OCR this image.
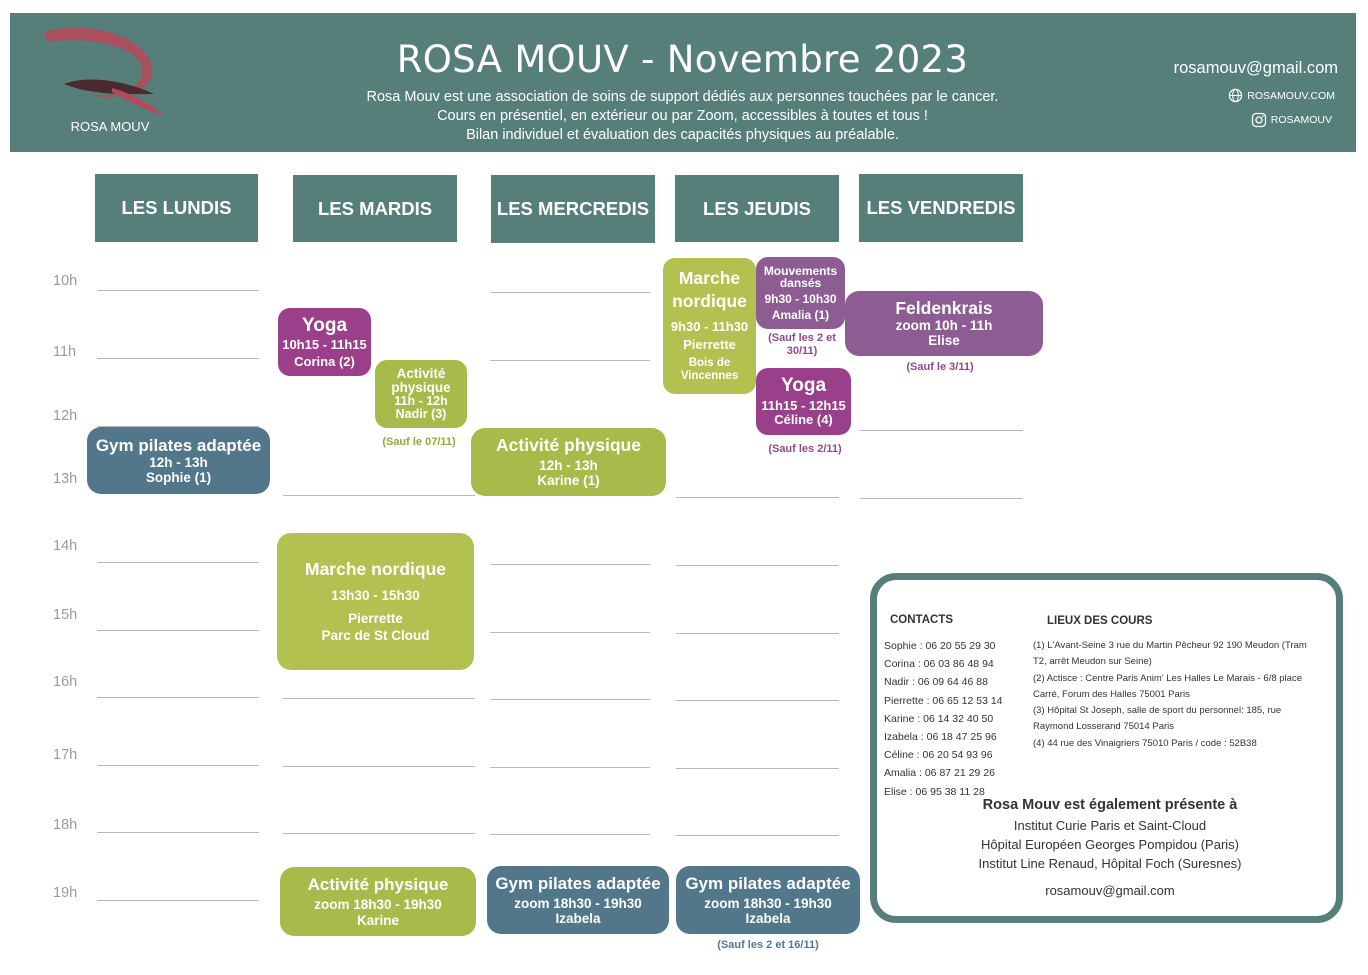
ROSA MOUV
ROSA MOUV - Novembre 2023
Rosa Mouv est une association de soins de support dédiés aux personnes touchées par le cancer.
Cours en présentiel, en extérieur ou par Zoom, accessibles à toutes et tous !
Bilan individuel et évaluation des capacités physiques au préalable.
rosamouv@gmail.com
ROSAMOUV.COM
ROSAMOUV
LES LUNDIS	LES MARDIS	LES MERCREDIS	LES JEUDIS	LES VENDREDIS
10h
11h
12h
13h
14h
15h
16h
17h
18h
19h
Gym pilates adaptée
12h - 13h
Sophie (1)
Yoga
10h15 - 11h15
Corina (2)
Activité
physique
11h - 12h
Nadir (3)
(Sauf le 07/11)
Marche nordique
13h30 - 15h30
Pierrette
Parc de St Cloud
Activité physique
zoom 18h30 - 19h30
Karine
Activité physique
12h - 13h
Karine (1)
Gym pilates adaptée
zoom 18h30 - 19h30
Izabela
Marche
nordique
9h30 - 11h30
Pierrette
Bois de
Vincennes
Mouvements
dansés
9h30 - 10h30
Amalia (1)
(Sauf les 2 et
30/11)
Yoga
11h15 - 12h15
Céline (4)
(Sauf les 2/11)
Gym pilates adaptée
zoom 18h30 - 19h30
Izabela
(Sauf les 2 et 16/11)
Feldenkrais
zoom 10h - 11h
Elise
(Sauf le 3/11)
CONTACTS
Sophie : 06 20 55 29 30
Corina : 06 03 86 48 94
Nadir : 06 09 64 46 88
Pierrette : 06 65 12 53 14
Karine : 06 14 32 40 50
Izabela : 06 18 47 25 96
Céline : 06 20 54 93 96
Amalia : 06 87 21 29 26
Elise : 06 95 38 11 28
LIEUX DES COURS
(1) L'Avant-Seine 3 rue du Martin Pêcheur 92 190 Meudon (Tram
T2, arrêt Meudon sur Seine)
(2) Actisce : Centre Paris Anim' Les Halles Le Marais - 6/8 place
Carré, Forum des Halles 75001 Paris
(3) Hôpital St Joseph, salle de sport du personnel: 185, rue
Raymond Losserand 75014 Paris
(4) 44 rue des Vinaigriers 75010 Paris / code : 52B38
Rosa Mouv est également présente à
Institut Curie Paris et Saint-Cloud
Hôpital Européen Georges Pompidou (Paris)
Institut Line Renaud, Hôpital Foch (Suresnes)
rosamouv@gmail.com
